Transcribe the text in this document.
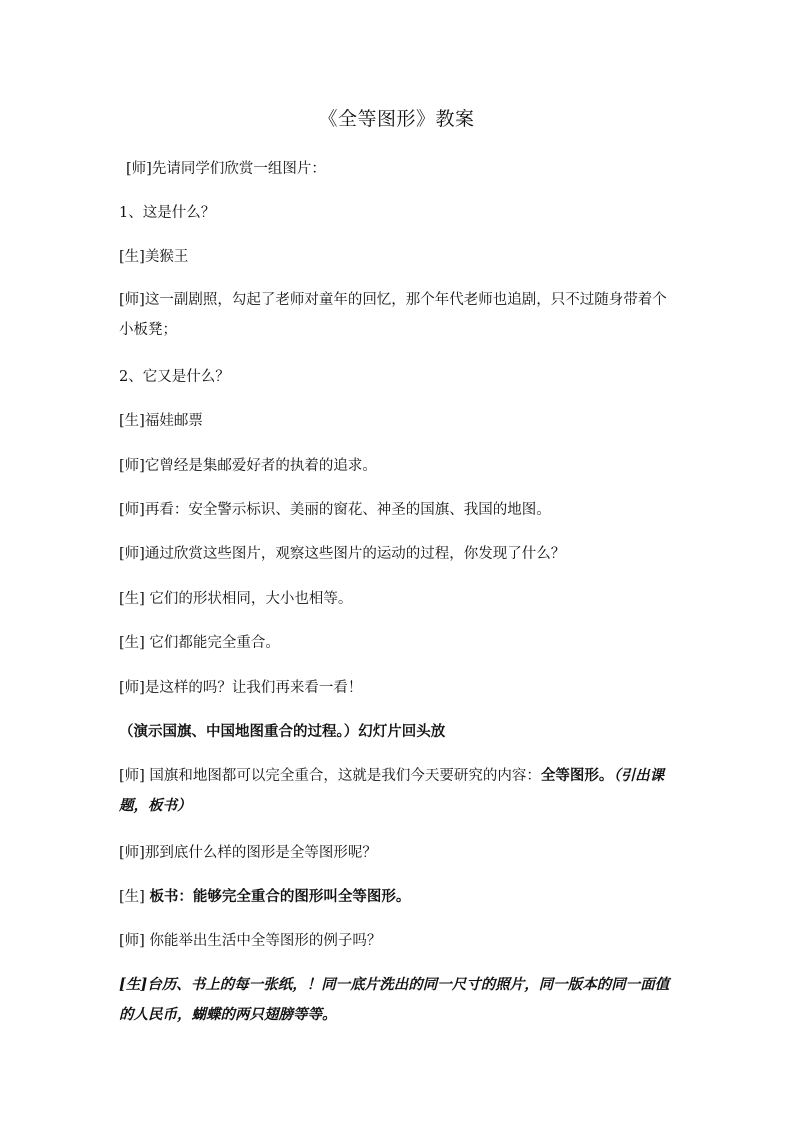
《全等图形》教案
[师]先请同学们欣赏一组图片：
1、这是什么？
[生]美猴王
[师]这一副剧照，勾起了老师对童年的回忆，那个年代老师也追剧，只不过随身带着个小板凳；
2、它又是什么？
[生]福娃邮票
[师]它曾经是集邮爱好者的执着的追求。
[师]再看：安全警示标识、美丽的窗花、神圣的国旗、我国的地图。
[师]通过欣赏这些图片，观察这些图片的运动的过程，你发现了什么？
[生] 它们的形状相同，大小也相等。
[生] 它们都能完全重合。
[师]是这样的吗？让我们再来看一看！
（演示国旗、中国地图重合的过程。）幻灯片回头放
[师] 国旗和地图都可以完全重合，这就是我们今天要研究的内容：全等图形。（引出课题，板书）
[师]那到底什么样的图形是全等图形呢？
[生] 板书：能够完全重合的图形叫全等图形。
[师] 你能举出生活中全等图形的例子吗？
[生]台历、书上的每一张纸，！同一底片洗出的同一尺寸的照片，同一版本的同一面值的人民币，蝴蝶的两只翅膀等等。
